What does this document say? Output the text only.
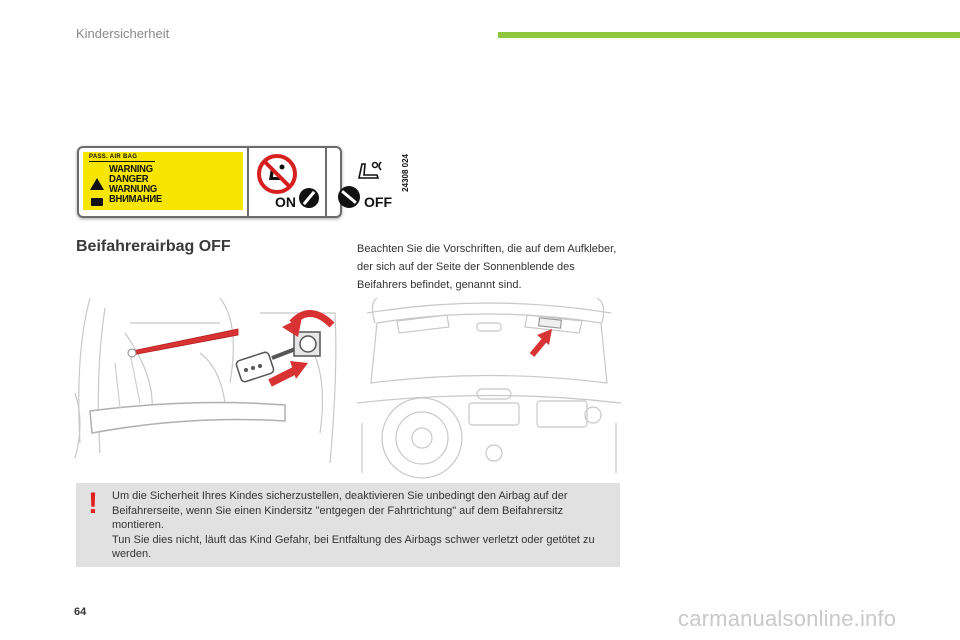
Kindersicherheit
PASS. AIR BAG
WARNING
DANGER
WARNUNG
ВНИМАНИЕ	ON	OFF
24308 024
Beifahrerairbag OFF	Beachten Sie die Vorschriften, die auf dem Aufkleber, der sich auf der Seite der Sonnenblende des Beifahrers befindet, genannt sind.
! Um die Sicherheit Ihres Kindes sicherzustellen, deaktivieren Sie unbedingt den Airbag auf der Beifahrerseite, wenn Sie einen Kindersitz "entgegen der Fahrtrichtung" auf dem Beifahrersitz montieren.
Tun Sie dies nicht, läuft das Kind Gefahr, bei Entfaltung des Airbags schwer verletzt oder getötet zu werden.
64	carmanualsonline.info
